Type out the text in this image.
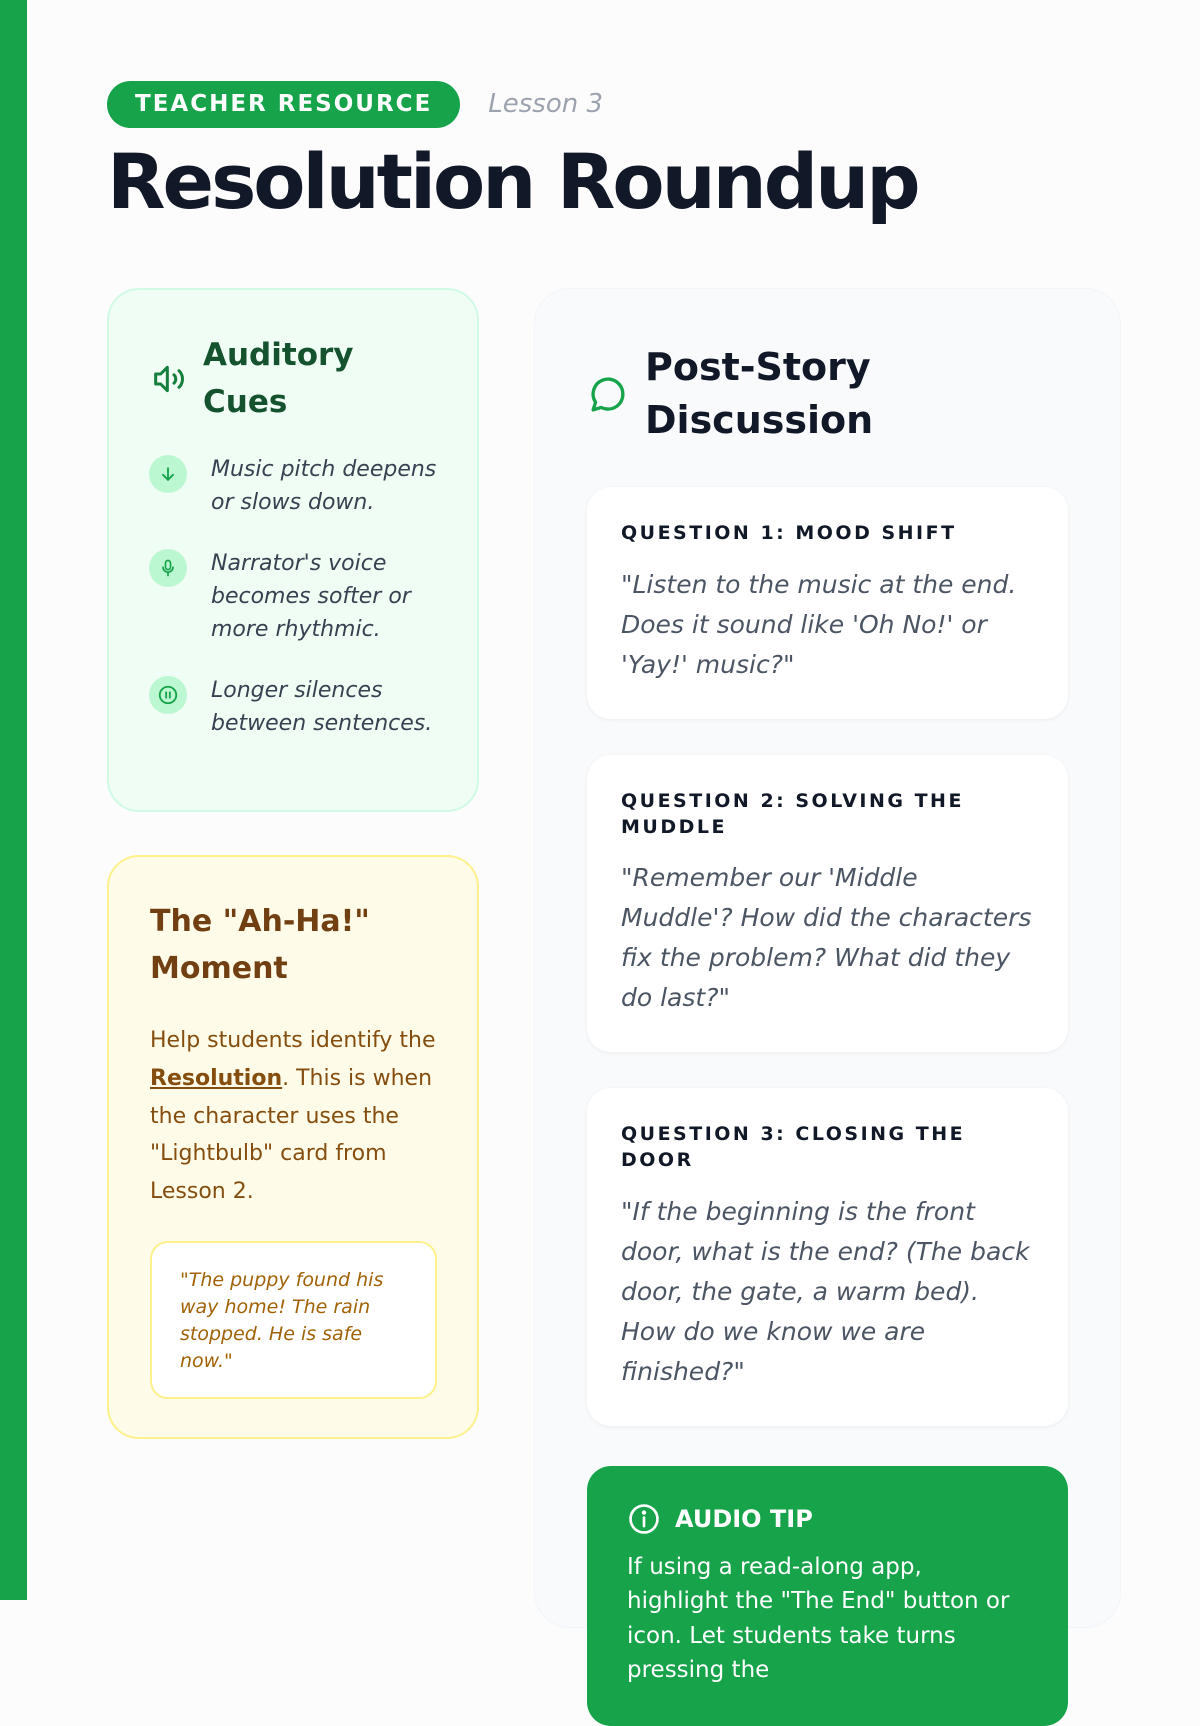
TEACHER RESOURCE	Lesson 3
Resolution Roundup
Auditory Cues
Music pitch deepens or slows down.
Narrator's voice becomes softer or more rhythmic.
Longer silences between sentences.
The "Ah-Ha!" Moment
Help students identify the Resolution. This is when the character uses the "Lightbulb" card from Lesson 2.
"The puppy found his way home! The rain stopped. He is safe now."
Post-Story Discussion
QUESTION 1: MOOD SHIFT
"Listen to the music at the end. Does it sound like 'Oh No!' or 'Yay!' music?"
QUESTION 2: SOLVING THE MUDDLE
"Remember our 'Middle Muddle'? How did the characters fix the problem? What did they do last?"
QUESTION 3: CLOSING THE DOOR
"If the beginning is the front door, what is the end? (The back door, the gate, a warm bed). How do we know we are finished?"
AUDIO TIP
If using a read-along app, highlight the "The End" button or icon. Let students take turns pressing the
